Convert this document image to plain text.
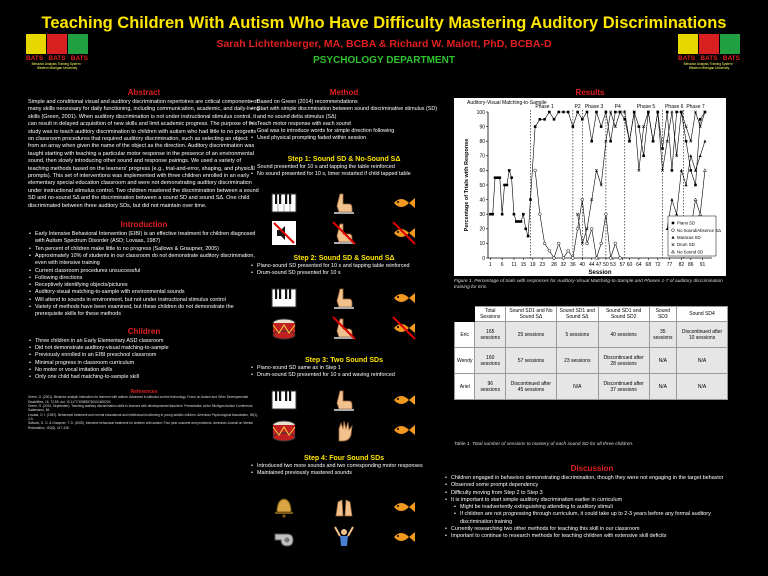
Teaching Children With Autism Who Have Difficulty Mastering Auditory Discriminations
Sarah Lichtenberger, MA, BCBA & Richard W. Malott, PhD, BCBA-D
PSYCHOLOGY DEPARTMENT
BATS BATS BATS
Behavior Analysis Training System · Western Michigan University
BATS BATS BATS
Behavior Analysis Training System · Western Michigan University
Abstract
Simple and conditional visual and auditory discrimination repertoires are critical components of many skills necessary for daily functioning, including communication, academic, and daily-living skills (Green, 2001). When auditory discrimination is not under instructional stimulus control, it can result in delayed acquisition of new skills and limit academic progress. The purpose of this study was to teach auditory discrimination to children with autism who had little to no progress on classroom procedures that required auditory discrimination, such as selecting an object from an array when given the name of the object as the direction. Auditory discrimination was taught starting with teaching a particular motor response in the presence of an environmental sound, then slowly introducing other sound and response pairings. We used a variety of teaching methods based on the learners' progress (e.g., trial-and-error, shaping, and physical prompts). This set of interventions was implemented with three children enrolled in an early elementary special education classroom and were not demonstrating auditory discrimination under instructional stimulus control. Two children mastered the discrimination between a sound SD and no-sound SΔ and the discrimination between a sound SD and sound SΔ. One child discriminated between three auditory SDs, but did not maintain over time.
Introduction
• Early Intensive Behavioral Intervention (EIBI) is an effective treatment for children diagnosed with Autism Spectrum Disorder (ASD; Lovaas, 1987)
• Ten percent of children make little to no progress (Sallows & Graupner, 2005)
• Approximately 10% of students in our classroom do not demonstrate auditory discrimination, even with intensive training
• Current classroom procedures unsuccessful
• Following directions
• Receptively identifying objects/pictures
• Auditory-visual matching-to-sample with environmental sounds
• Will attend to sounds in environment, but not under instructional stimulus control
• Variety of methods have been examined, but these children do not demonstrate the prerequisite skills for these methods
Children
• Three children in an Early Elementary ASD classroom
• Did not demonstrate auditory-visual matching-to-sample
• Previously enrolled in an EIBI preschool classroom
• Minimal progress in classroom curriculum
• No motor or vocal imitation skills
• Only one child had matching-to-sample skill
References
Green, G. (2001). Behavior analytic instruction for learners with autism: Advances in stimulus control technology. Focus on Autism and Other Developmental Disabilities, 16, 72-85. doi: 10.1177/108835760101600203.
Green, G. (2014, September). Teaching auditory discrimination skills to learners with developmental disorders. Presentation at the Michigan Autism Conference, Kalamazoo, MI.
Lovaas, O. I. (1987). Behavioral treatment and normal educational and intellectual functioning in young autistic children. American Psychological Association, 55(1), 3-9.
Sallows, G. O. & Graupner, T. D. (2005). Intensive behavioral treatment for children with autism: Four year outcome and predictors. American Journal on Mental Retardation, 110(6), 417-438.
Method
• Based on Green (2014) recommendations
• Start with simple discrimination between sound discriminative stimulus (SD) and no sound delta stimulus (SΔ)
• Teach motor response with each sound
• Goal was to introduce words for simple direction following
• Used physical prompting faded within session
Step 1: Sound SD & No-Sound SΔ
• Sound presented for 10 s and tapping the table reinforced
• No sound presented for 10 s, timer restarted if child tapped table
Step 2: Sound SD & Sound SΔ
• Piano-sound SD presented for 10 s and tapping table reinforced
• Drum-sound SD presented for 10 s
Step 3: Two Sound SDs
• Piano-sound SD same as in Step 1
• Drum-sound SD presented for 10 s and waving reinforced
Step 4: Four Sound SDs
• Introduced two more sounds and two corresponding motor responses
• Maintained previously mastered sounds
Results
0
10
20
30
40
50
60
70
80
90
100
1 6 11 15 19 23 28 32 36 40 44 47 50 53 57 60 64 68 72 77 82 86 91
Session
Percentage of Trials with Response
Auditory-Visual Matching-to-Sample
Phase 1	P2 Phase 3 P4	Phase 5 Phase 6 Phase 7
Piano SD
No Sound/Absence SΔ
Maracas SD
Drum SD
No Sound SD
Figure 1. Percentage of trials with responses for Auditory-Visual Matching-to-Sample and Phases 1-7 of auditory discrimination training for Eric.
	Total Sessions	Sound SD1 and No Sound SΔ	Sound SD1 and Sound SΔ	Sound SD1 and Sound SD2	Sound SD3	Sound SD4
Eric	165 sessions	25 sessions	5 sessions	40 sessions	35 sessions	Discontinued after 10 sessions
Wendy	160 sessions	57 sessions	23 sessions	Discontinued after 28 sessions	N/A	N/A
Ariel	96 sessions	Discontinued after 45 sessions	N/A	Discontinued after 37 sessions	N/A	N/A
Table 1. Total number of sessions to mastery of each sound SD for all three children.
Discussion
• Children engaged in behaviors demonstrating discrimination, though they were not engaging in the target behavior
• Observed some prompt dependency
• Difficulty moving from Step 2 to Step 3
• It is important to start simple auditory discrimination earlier in curriculum
• Might be inadvertently extinguishing attending to auditory stimuli
• If children are not progressing through curriculum, it could take up to 2-3 years before any formal auditory discrimination training
• Currently researching two other methods for teaching this skill in our classroom
• Important to continue to research methods for teaching children with extensive skill deficits
